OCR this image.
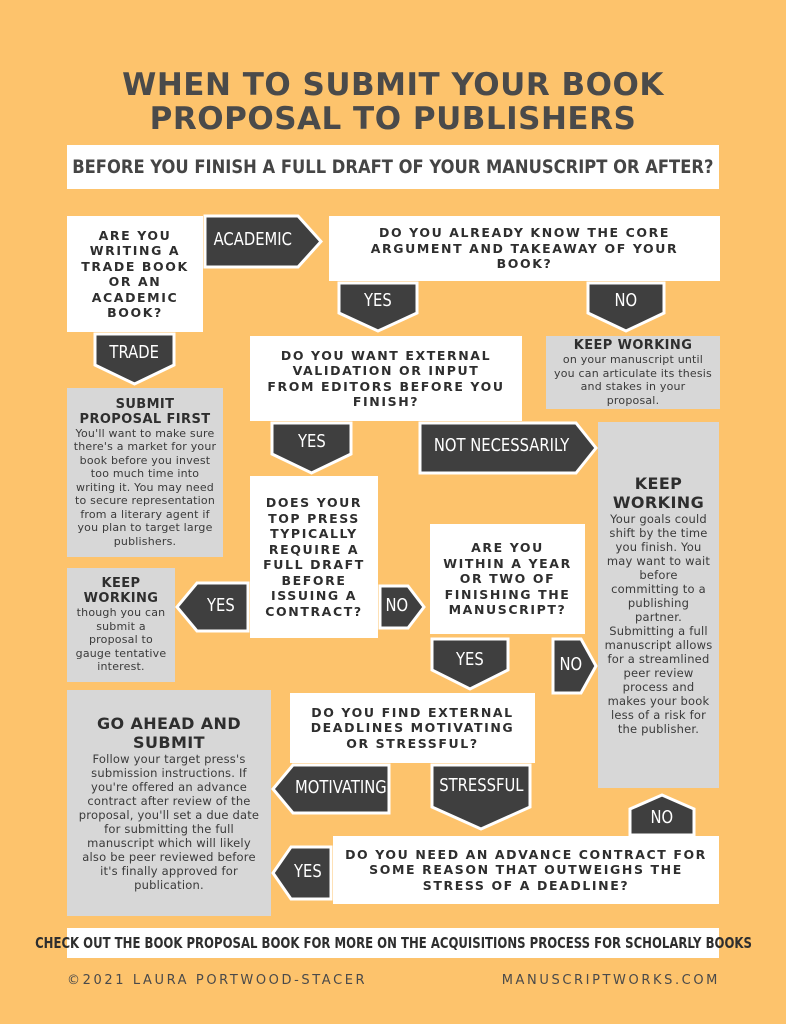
WHEN TO SUBMIT YOUR BOOK
PROPOSAL TO PUBLISHERS
BEFORE YOU FINISH A FULL DRAFT OF YOUR MANUSCRIPT OR AFTER?
ARE YOU WRITING A TRADE BOOK OR AN ACADEMIC BOOK?
DO YOU ALREADY KNOW THE CORE ARGUMENT AND TAKEAWAY OF YOUR BOOK?
DO YOU WANT EXTERNAL VALIDATION OR INPUT FROM EDITORS BEFORE YOU FINISH?
DOES YOUR TOP PRESS TYPICALLY REQUIRE A FULL DRAFT BEFORE ISSUING A CONTRACT?
ARE YOU WITHIN A YEAR OR TWO OF FINISHING THE MANUSCRIPT?
DO YOU FIND EXTERNAL DEADLINES MOTIVATING OR STRESSFUL?
DO YOU NEED AN ADVANCE CONTRACT FOR SOME REASON THAT OUTWEIGHS THE STRESS OF A DEADLINE?
KEEP WORKING
on your manuscript until you can articulate its thesis and stakes in your proposal.
SUBMIT PROPOSAL FIRST
You'll want to make sure there's a market for your book before you invest too much time into writing it. You may need to secure representation from a literary agent if you plan to target large publishers.
KEEP WORKING
Your goals could shift by the time you finish. You may want to wait before committing to a publishing partner. Submitting a full manuscript allows for a streamlined peer review process and makes your book less of a risk for the publisher.
KEEP WORKING
though you can submit a proposal to gauge tentative interest.
GO AHEAD AND SUBMIT
Follow your target press's submission instructions. If you're offered an advance contract after review of the proposal, you'll set a due date for submitting the full manuscript which will likely also be peer reviewed before it's finally approved for publication.
ACADEMIC
NOT NECESSARILY
NO
NO
YES
MOTIVATING
YES
YES	NO
TRADE
YES
YES
STRESSFUL
NO
CHECK OUT THE BOOK PROPOSAL BOOK FOR MORE ON THE ACQUISITIONS PROCESS FOR SCHOLARLY BOOKS
©2021 LAURA PORTWOOD-STACER	MANUSCRIPTWORKS.COM
